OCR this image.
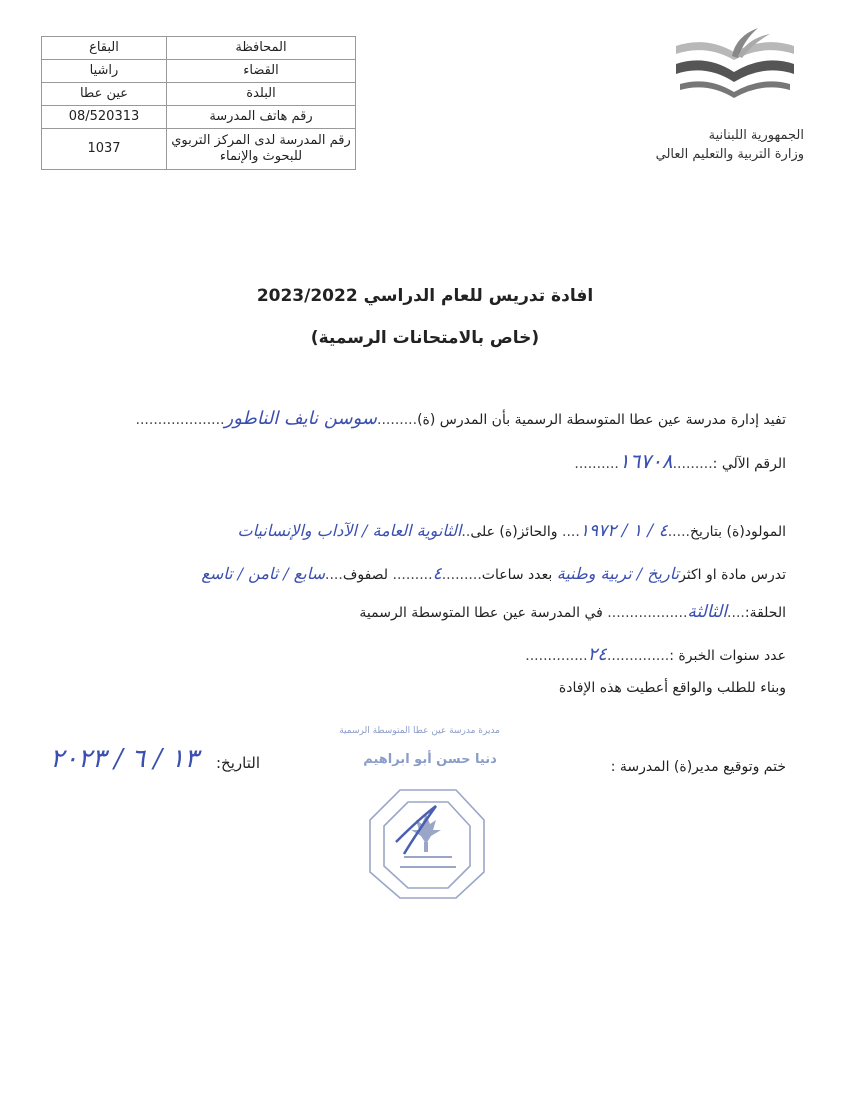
المحافظة	البقاع
القضاء	راشيا
البلدة	عين عطا
رقم هاتف المدرسة	08/520313
رقم المدرسة لدى المركز التربوي للبحوث والإنماء	1037
الجمهورية اللبنانية
وزارة التربية والتعليم العالي
افادة تدريس للعام الدراسي 2023/2022
(خاص بالامتحانات الرسمية)
تفيد إدارة مدرسة عين عطا المتوسطة الرسمية بأن المدرس (ة).........سوسن نايف الناطور....................
الرقم الآلي :.........١٦٧٠٨..........
المولود(ة) بتاريخ.....٤ / ١ / ١٩٧٢.... والحائز(ة) على..الثانوية العامة / الآداب والإنسانيات
تدرس مادة او اكثرتاريخ / تربية وطنية بعدد ساعات.........٤......... لصفوف....سابع / ثامن / تاسع
الحلقة:....الثالثة.................. في المدرسة عين عطا المتوسطة الرسمية
عدد سنوات الخبرة :..............٢٤..............
وبناء للطلب والواقع أعطيت هذه الإفادة
ختم وتوقيع مدير(ة) المدرسة :
التاريخ:
١٣ / ٦ / ٢٠٢٣
مديرة مدرسة عين عطا المتوسطة الرسمية
دنيا حسن أبو ابراهيم
